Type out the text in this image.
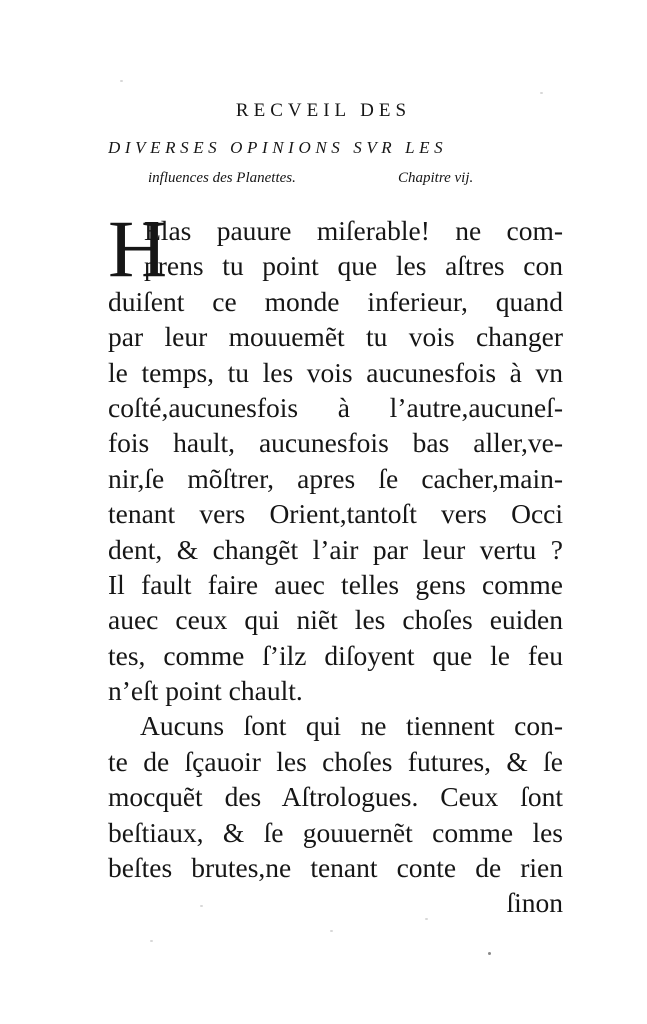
RECVEIL DES
DIVERSES OPINIONS SVR LES
influences des Planettes.	Chapitre vij.
H
Elas pauure miſerable! ne com-
prens tu point que les aſtres con
duiſent ce monde inferieur, quand
par leur mouuemẽt tu vois changer
le temps, tu les vois aucunesfois à vn
coſté,aucunesfois à l’autre,aucuneſ-
fois hault, aucunesfois bas aller,ve-
nir,ſe mõſtrer, apres ſe cacher,main-
tenant vers Orient,tantoſt vers Occi
dent, & changẽt l’air par leur vertu ?
Il fault faire auec telles gens comme
auec ceux qui niẽt les choſes euiden
tes, comme ſ’ilz diſoyent que le feu
n’eſt point chault.
Aucuns ſont qui ne tiennent con-
te de ſçauoir les choſes futures, & ſe
mocquẽt des Aſtrologues. Ceux ſont
beſtiaux, & ſe gouuernẽt comme les
beſtes brutes,ne tenant conte de rien
ſinon
